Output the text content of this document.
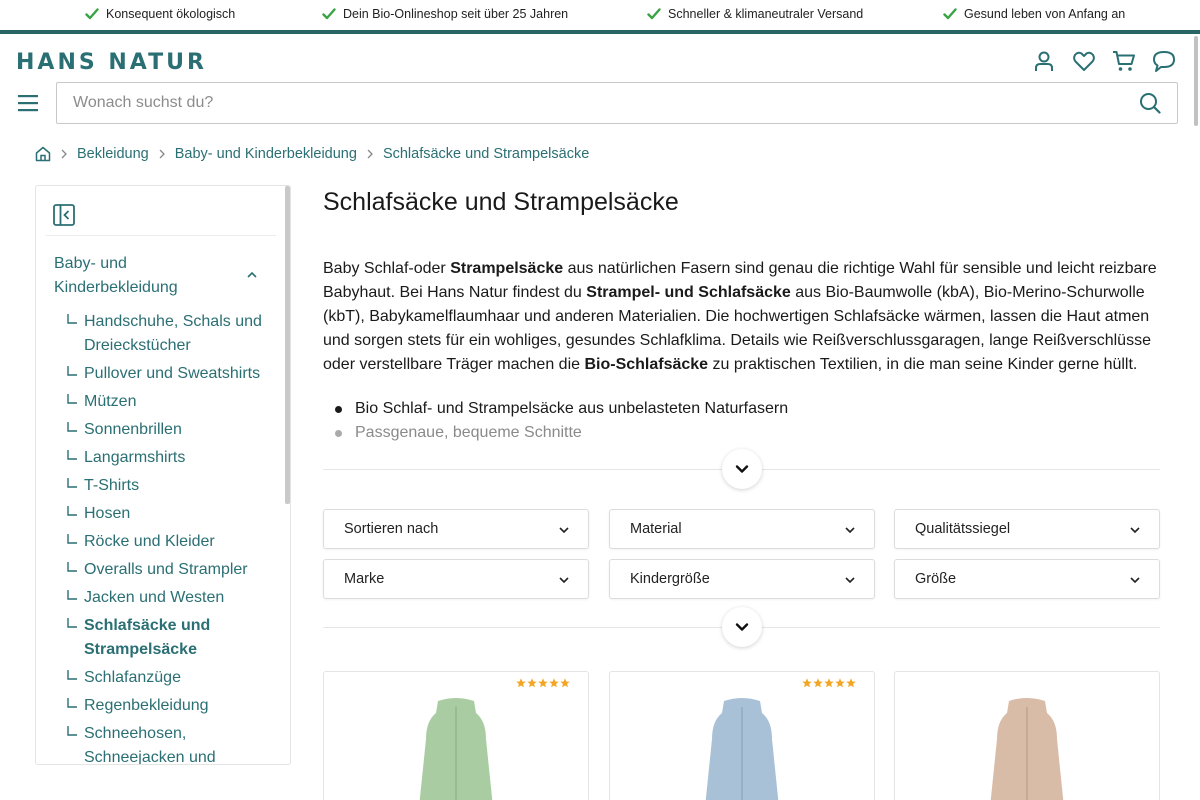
Konsequent ökologisch	Dein Bio-Onlineshop seit über 25 Jahren	Schneller & klimaneutraler Versand	Gesund leben von Anfang an
HANS NATUR
Wonach suchst du?
Bekleidung Baby- und Kinderbekleidung Schlafsäcke und Strampelsäcke
Baby- und Kinderbekleidung
Handschuhe, Schals und Dreieckstücher
Pullover und Sweatshirts
Mützen
Sonnenbrillen
Langarmshirts
T-Shirts
Hosen
Röcke und Kleider
Overalls und Strampler
Jacken und Westen
Schlafsäcke und Strampelsäcke
Schlafanzüge
Regenbekleidung
Schneehosen, Schneejacken und
Schlafsäcke und Strampelsäcke

Baby Schlaf-oder Strampelsäcke aus natürlichen Fasern sind genau die richtige Wahl für sensible und leicht reizbare Babyhaut. Bei Hans Natur findest du Strampel- und Schlafsäcke aus Bio-Baumwolle (kbA), Bio-Merino-Schurwolle (kbT), Babykamelflaumhaar und anderen Materialien. Die hochwertigen Schlafsäcke wärmen, lassen die Haut atmen und sorgen stets für ein wohliges, gesundes Schlafklima. Details wie Reißverschlussgaragen, lange Reißverschlüsse oder verstellbare Träger machen die Bio-Schlafsäcke zu praktischen Textilien, in die man seine Kinder gerne hüllt.

Bio Schlaf- und Strampelsäcke aus unbelasteten Naturfasern
Passgenaue, bequeme Schnitte
Sortieren nach	Material	Qualitätssiegel
Marke	Kindergröße	Größe
